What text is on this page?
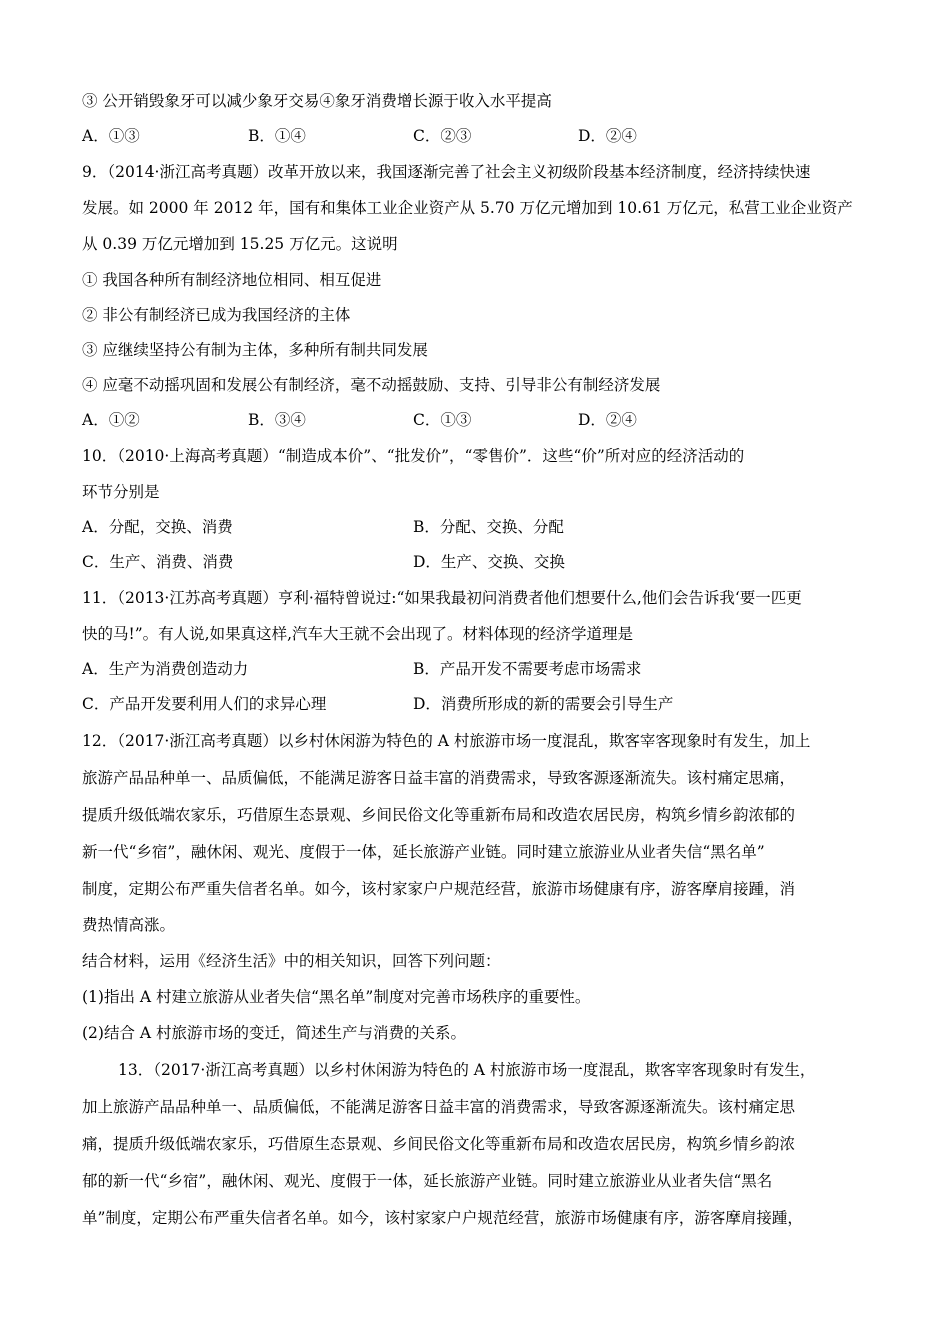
③ 公开销毁象牙可以减少象牙交易④象牙消费增长源于收入水平提高
A．①③	B．①④	C．②③	D．②④
9．（2014·浙江高考真题）改革开放以来，我国逐渐完善了社会主义初级阶段基本经济制度，经济持续快速
发展。如 2000 年 2012 年，国有和集体工业企业资产从 5.70 万亿元增加到 10.61 万亿元，私营工业企业资产
从 0.39 万亿元增加到 15.25 万亿元。这说明
① 我国各种所有制经济地位相同、相互促进
② 非公有制经济已成为我国经济的主体
③ 应继续坚持公有制为主体，多种所有制共同发展
④ 应毫不动摇巩固和发展公有制经济，毫不动摇鼓励、支持、引导非公有制经济发展
A．①②	B．③④	C．①③	D．②④
10．（2010·上海高考真题）“制造成本价”、“批发价”，“零售价”．这些“价”所对应的经济活动的
环节分别是
A．分配，交换、消费	B．分配、交换、分配
C．生产、消费、消费	D．生产、交换、交换
11．（2013·江苏高考真题）亨利·福特曾说过:“如果我最初问消费者他们想要什么,他们会告诉我‘要一匹更
快的马!”。有人说,如果真这样,汽车大王就不会出现了。材料体现的经济学道理是
A．生产为消费创造动力	B．产品开发不需要考虑市场需求
C．产品开发要利用人们的求异心理	D．消费所形成的新的需要会引导生产
12．（2017·浙江高考真题）以乡村休闲游为特色的 A 村旅游市场一度混乱，欺客宰客现象时有发生，加上
旅游产品品种单一、品质偏低，不能满足游客日益丰富的消费需求，导致客源逐渐流失。该村痛定思痛，
提质升级低端农家乐，巧借原生态景观、乡间民俗文化等重新布局和改造农居民房，构筑乡情乡韵浓郁的
新一代“乡宿”，融休闲、观光、度假于一体，延长旅游产业链。同时建立旅游业从业者失信“黑名单”
制度，定期公布严重失信者名单。如今，该村家家户户规范经营，旅游市场健康有序，游客摩肩接踵，消
费热情高涨。
结合材料，运用《经济生活》中的相关知识，回答下列问题：
(1)指出 A 村建立旅游从业者失信“黑名单”制度对完善市场秩序的重要性。
(2)结合 A 村旅游市场的变迁，简述生产与消费的关系。
13．（2017·浙江高考真题）以乡村休闲游为特色的 A 村旅游市场一度混乱，欺客宰客现象时有发生，
加上旅游产品品种单一、品质偏低，不能满足游客日益丰富的消费需求，导致客源逐渐流失。该村痛定思
痛，提质升级低端农家乐，巧借原生态景观、乡间民俗文化等重新布局和改造农居民房，构筑乡情乡韵浓
郁的新一代“乡宿”，融休闲、观光、度假于一体，延长旅游产业链。同时建立旅游业从业者失信“黑名
单”制度，定期公布严重失信者名单。如今，该村家家户户规范经营，旅游市场健康有序，游客摩肩接踵，
